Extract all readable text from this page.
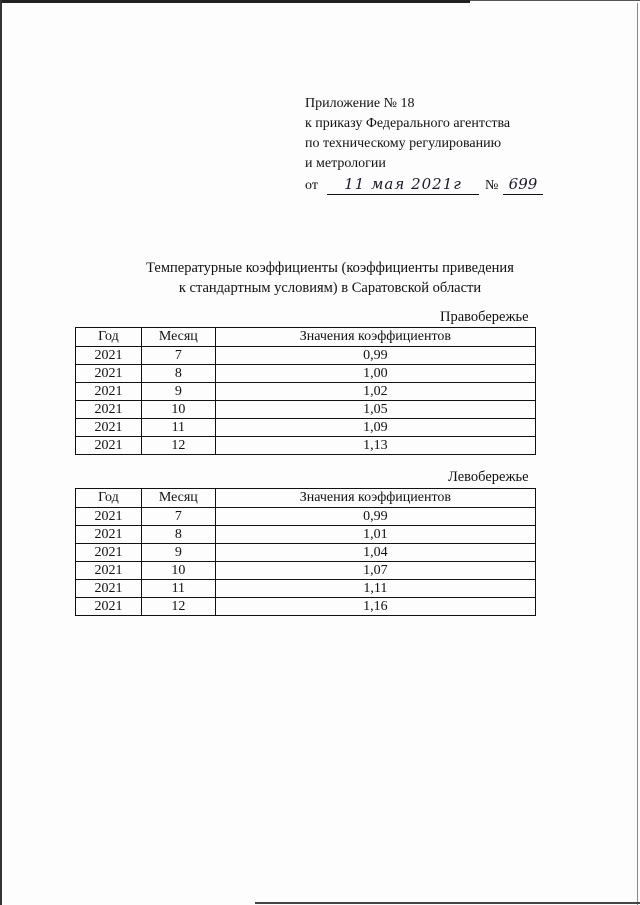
Приложение № 18
к приказу Федерального агентства
по техническому регулированию
и метрологии
от	11 мая 2021г	№ 699
Температурные коэффициенты (коэффициенты приведения
к стандартным условиям) в Саратовской области
Правобережье
Год	Месяц	Значения коэффициентов
2021	7	0,99
2021	8	1,00
2021	9	1,02
2021	10	1,05
2021	11	1,09
2021	12	1,13
Левобережье
Год	Месяц	Значения коэффициентов
2021	7	0,99
2021	8	1,01
2021	9	1,04
2021	10	1,07
2021	11	1,11
2021	12	1,16
